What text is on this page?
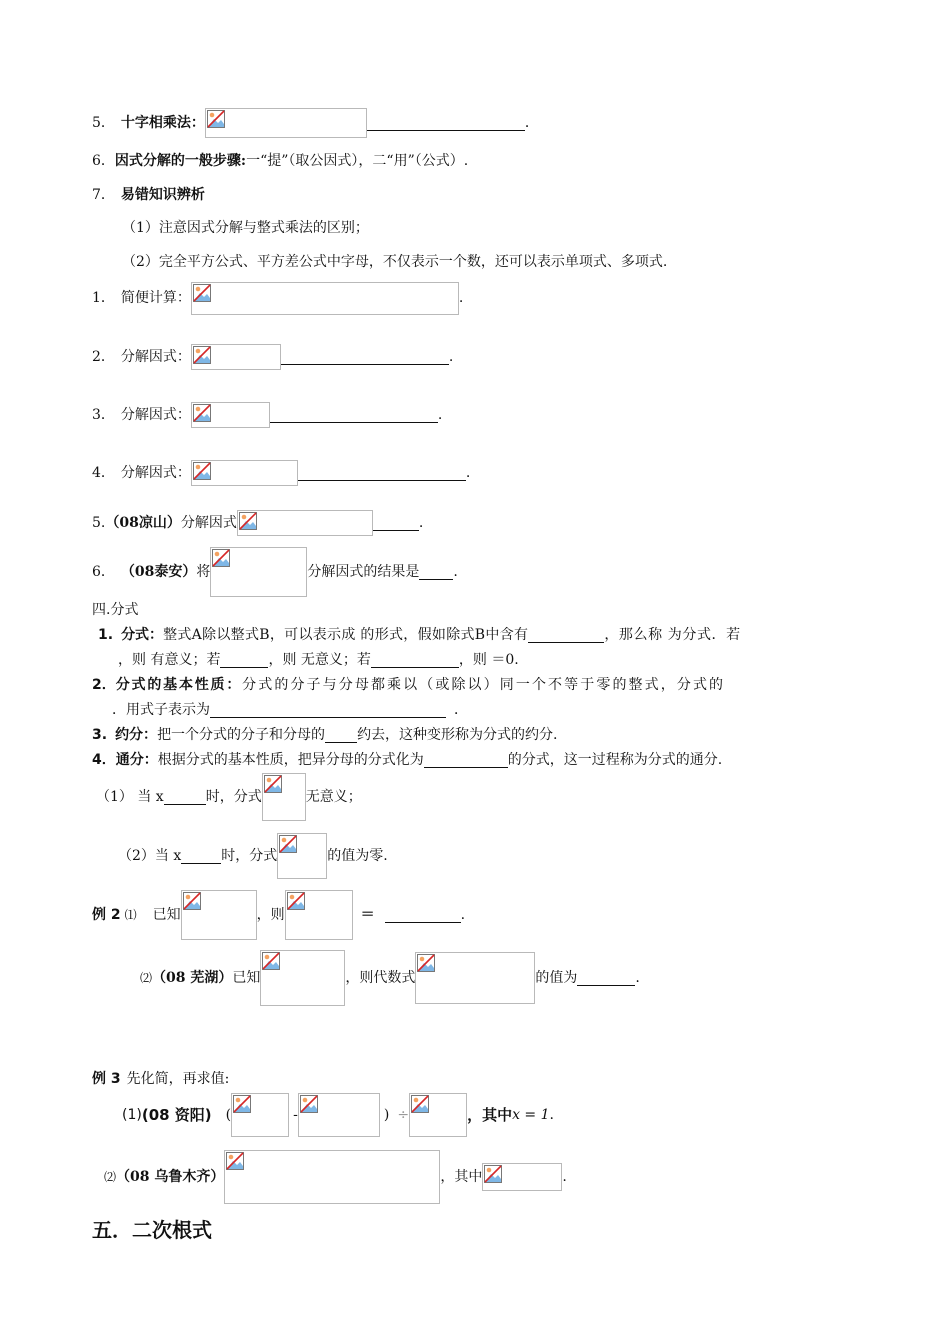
5． 十字相乘法：	．
6． 因式分解的一般步骤: 一“提”（取公因式），二“用”（公式）.
7． 易错知识辨析
（1）注意因式分解与整式乘法的区别；
（2）完全平方公式、平方差公式中字母，不仅表示一个数，还可以表示单项式、多项式.
1． 简便计算：	.
2． 分解因式：	.
3． 分解因式：	.
4． 分解因式：	.
5. （08凉山） 分解因式	.
6． （08泰安） 将	分解因式的结果是 .
四.分式
1. 分式： 整式A除以整式B，可以表示成 的形式，假如除式B中含有	，那么称 为分式．若
，则 有意义；若	，则 无意义；若	，则 ＝0.
2． 分式的基本性质： 分式的分子与分母都乘以（或除以）同一个不等于零的整式，分式的
．用式子表示为	．
3. 约分： 把一个分式的分子和分母的 约去，这种变形称为分式的约分.
4． 通分： 根据分式的基本性质，把异分母的分式化为	的分式，这一过程称为分式的通分.
（1） 当 x	时，分式	无意义；
（2）当 x	时，分式	的值为零.
例 2 ⑴ 已知	，则	＝	.
⑵ （08 芜湖） 已知	，则代数式	的值为	.
例 3 先化简，再求值:
(1) (08 资阳) (	-	) ÷	，其中 x = 1 .
⑵ （08 乌鲁木齐）	，其中	.
五．二次根式
